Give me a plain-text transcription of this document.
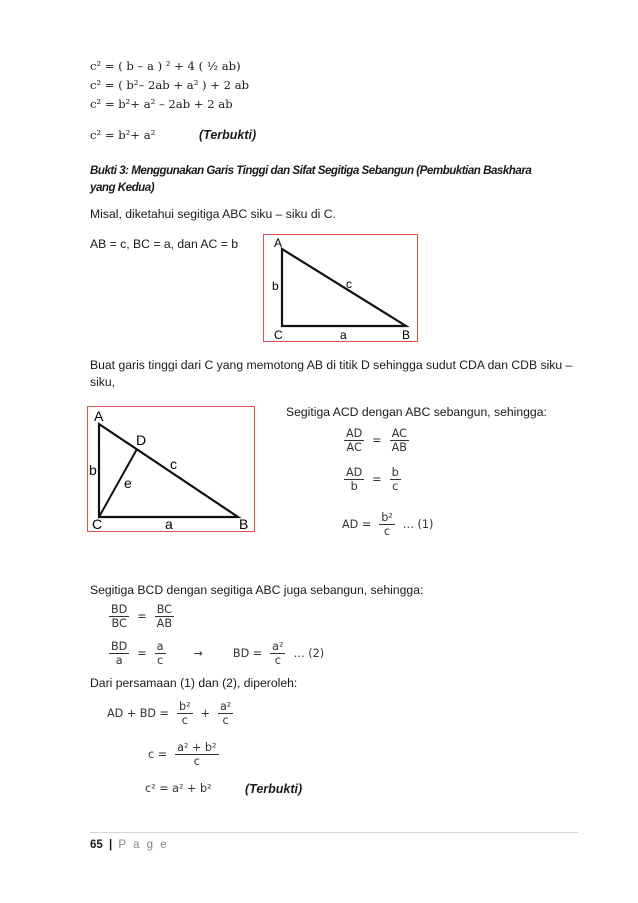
c² = ( b – a ) ² + 4 ( ½ ab)
c² = ( b²– 2ab + a² ) + 2 ab
c² = b²+ a² – 2ab + 2 ab
c² = b²+ a²	(Terbukti)
Bukti 3: Menggunakan Garis Tinggi dan Sifat Segitiga Sebangun (Pembuktian Baskhara
yang Kedua)
Misal, diketahui segitiga ABC siku – siku di C.
AB = c, BC = a, dan AC = b	A
b	c
C	a	B
Buat garis tinggi dari C yang memotong AB di titik D sehingga sudut CDA dan CDB siku –
siku,
A
D
b
e
c
C	a	B
Segitiga ACD dengan ABC sebangun, sehingga:
$\frac{AD}{AC} = \frac{AC}{AB}$
$\frac{AD}{b} = \frac{b}{c}$
AD = $\frac{\text{b²}}{c}$ … (1)
Segitiga BCD dengan segitiga ABC juga sebangun, sehingga:
$\frac{BD}{BC} = \frac{BC}{AB}$
$\frac{BD}{a} = \frac{a}{c}$	→	BD = $\frac{\text{a²}}{c}$ … (2)
Dari persamaan (1) dan (2), diperoleh:
AD + BD = $\frac{\text{b²}}{c} + \frac{\text{a²}}{c}$
$c = \frac{\text{a² + b²}}{c}$
c² = a² + b²	(Terbukti)
65 | P a g e
